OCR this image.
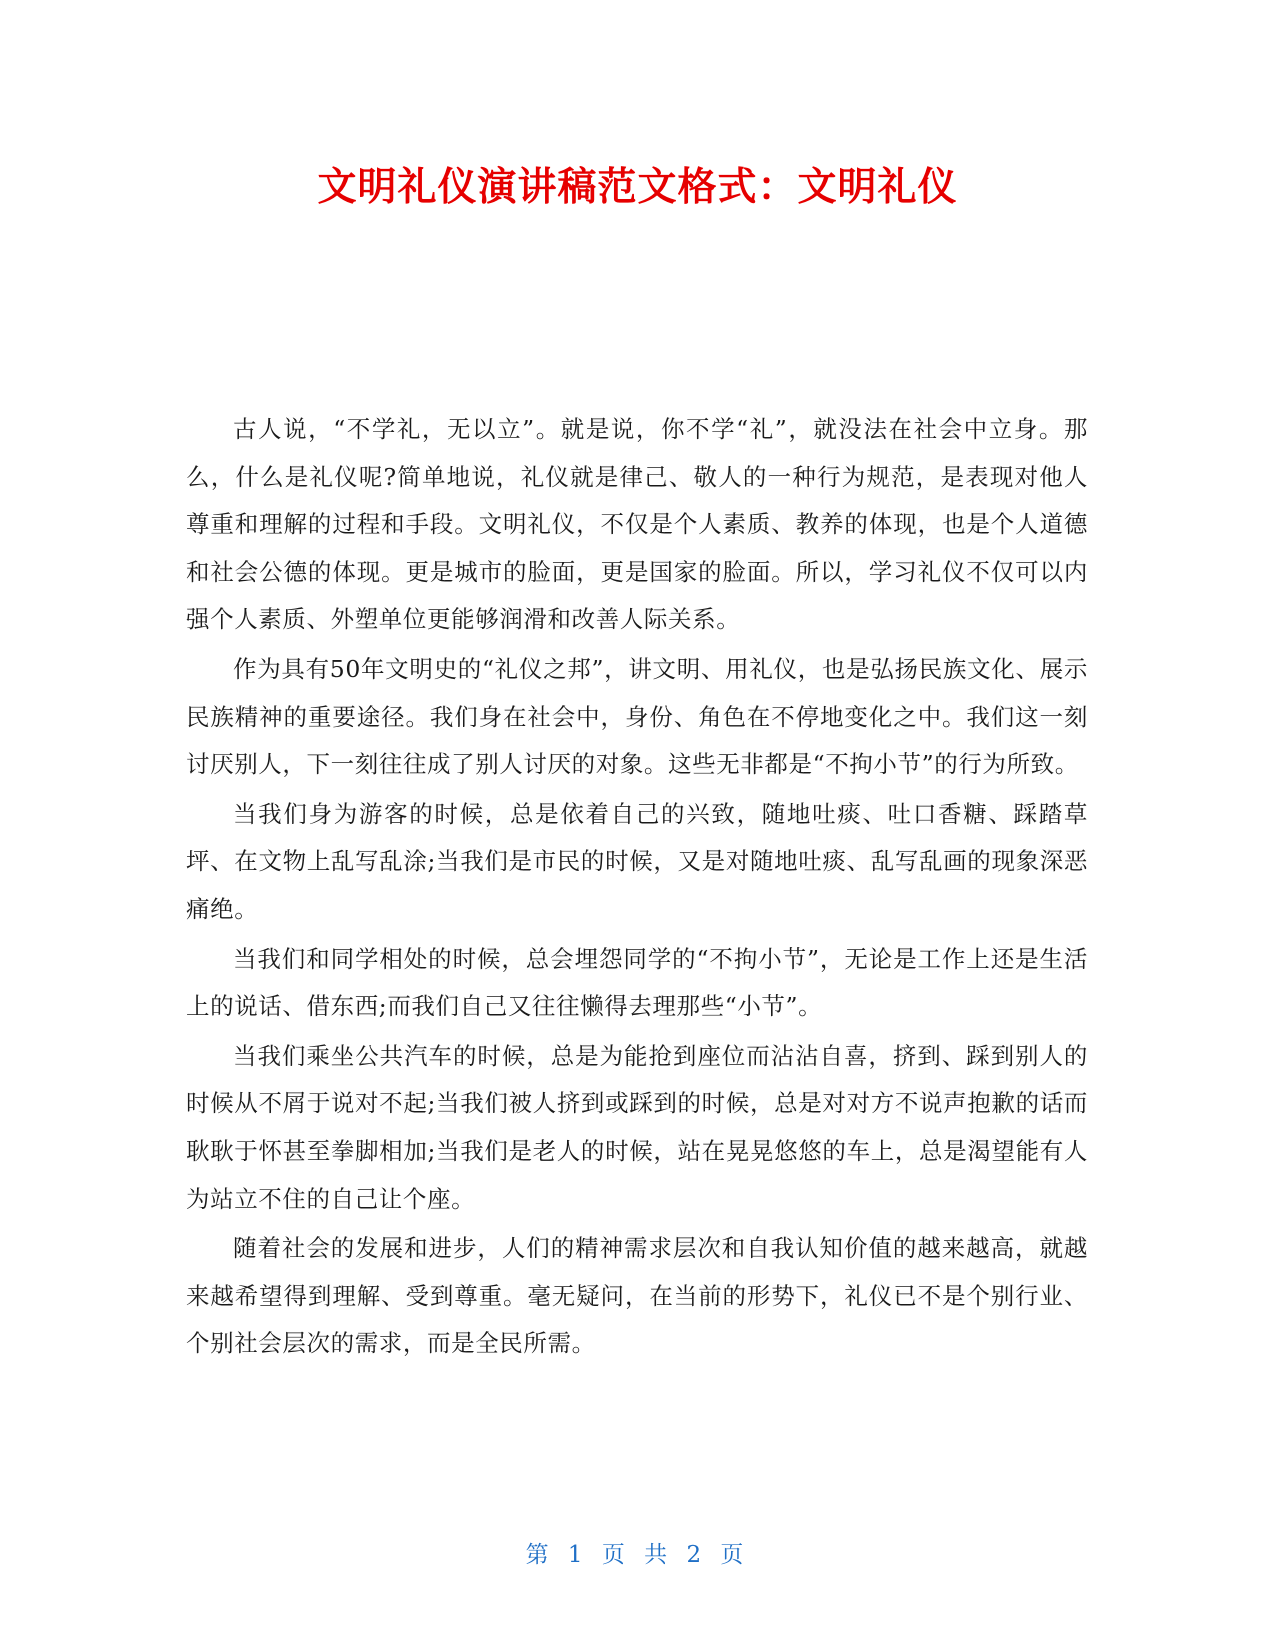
文明礼仪演讲稿范文格式：文明礼仪

古人说，“不学礼，无以立”。就是说，你不学“礼”，就没法在社会中立身。那么，什么是礼仪呢?简单地说，礼仪就是律己、敬人的一种行为规范，是表现对他人尊重和理解的过程和手段。文明礼仪，不仅是个人素质、教养的体现，也是个人道德和社会公德的体现。更是城市的脸面，更是国家的脸面。所以，学习礼仪不仅可以内强个人素质、外塑单位更能够润滑和改善人际关系。

作为具有50年文明史的“礼仪之邦”，讲文明、用礼仪，也是弘扬民族文化、展示民族精神的重要途径。我们身在社会中，身份、角色在不停地变化之中。我们这一刻讨厌别人，下一刻往往成了别人讨厌的对象。这些无非都是“不拘小节”的行为所致。

当我们身为游客的时候，总是依着自己的兴致，随地吐痰、吐口香糖、踩踏草坪、在文物上乱写乱涂;当我们是市民的时候，又是对随地吐痰、乱写乱画的现象深恶痛绝。

当我们和同学相处的时候，总会埋怨同学的“不拘小节”，无论是工作上还是生活上的说话、借东西;而我们自己又往往懒得去理那些“小节”。

当我们乘坐公共汽车的时候，总是为能抢到座位而沾沾自喜，挤到、踩到别人的时候从不屑于说对不起;当我们被人挤到或踩到的时候，总是对对方不说声抱歉的话而耿耿于怀甚至拳脚相加;当我们是老人的时候，站在晃晃悠悠的车上，总是渴望能有人为站立不住的自己让个座。

随着社会的发展和进步，人们的精神需求层次和自我认知价值的越来越高，就越来越希望得到理解、受到尊重。毫无疑问，在当前的形势下，礼仪已不是个别行业、个别社会层次的需求，而是全民所需。

第 1 页 共 2 页
